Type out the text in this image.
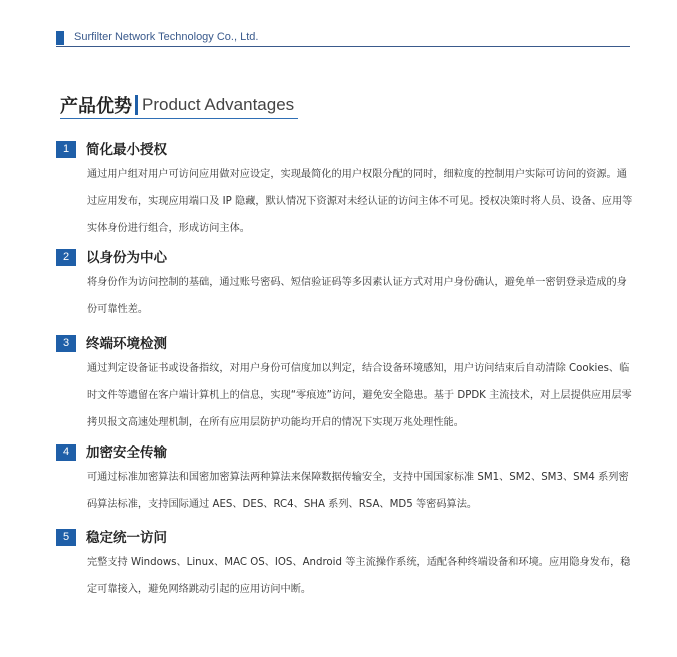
Surfilter Network Technology Co., Ltd.
产品优势 Product Advantages
1	简化最小授权
通过用户组对用户可访问应用做对应设定，实现最简化的用户权限分配的同时，细粒度的控制用户实际可访问的资源。通过应用发布，实现应用端口及 IP 隐藏，默认情况下资源对未经认证的访问主体不可见。授权决策时将人员、设备、应用等实体身份进行组合，形成访问主体。
2	以身份为中心
将身份作为访问控制的基础，通过账号密码、短信验证码等多因素认证方式对用户身份确认，避免单一密钥登录造成的身份可靠性差。
3	终端环境检测
通过判定设备证书或设备指纹，对用户身份可信度加以判定，结合设备环境感知，用户访问结束后自动清除 Cookies、临时文件等遗留在客户端计算机上的信息，实现“零痕迹”访问，避免安全隐患。基于 DPDK 主流技术，对上层提供应用层零拷贝报文高速处理机制，在所有应用层防护功能均开启的情况下实现万兆处理性能。
4	加密安全传输
可通过标准加密算法和国密加密算法两种算法来保障数据传输安全，支持中国国家标准 SM1、SM2、SM3、SM4 系列密码算法标准，支持国际通过 AES、DES、RC4、SHA 系列、RSA、MD5 等密码算法。
5	稳定统一访问
完整支持 Windows、Linux、MAC OS、IOS、Android 等主流操作系统，适配各种终端设备和环境。应用隐身发布，稳定可靠接入，避免网络跳动引起的应用访问中断。
